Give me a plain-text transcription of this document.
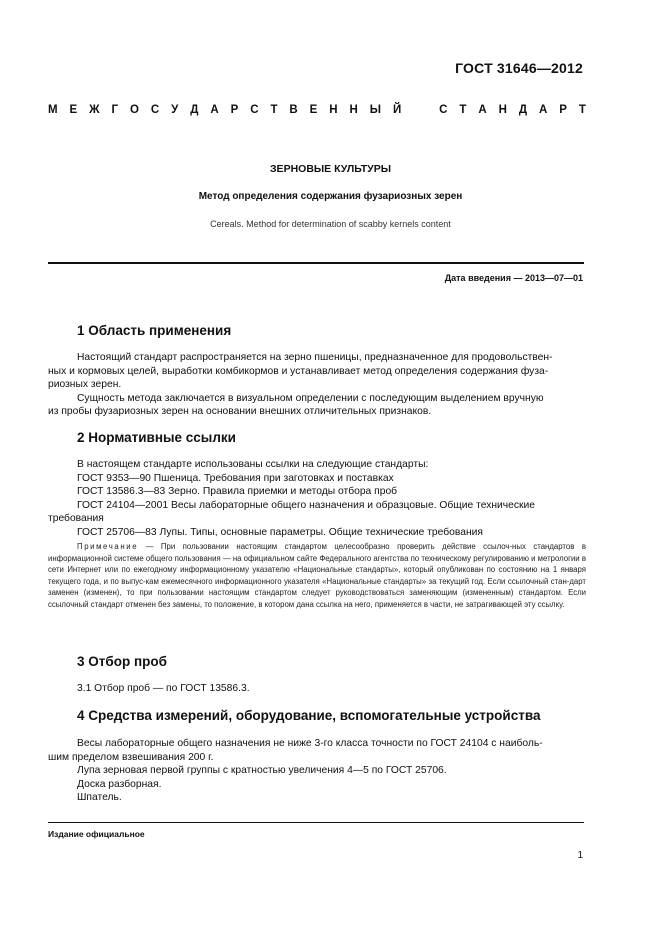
ГОСТ 31646—2012
М Е Ж Г О С У Д А Р С Т В Е Н Н Ы Й	С Т А Н Д А Р Т
ЗЕРНОВЫЕ КУЛЬТУРЫ
Метод определения содержания фузариозных зерен
Cereals. Method for determination of scabby kernels content
Дата введения — 2013—07—01
1 Область применения

Настоящий стандарт распространяется на зерно пшеницы, предназначенное для продовольствен-

ных и кормовых целей, выработки комбикормов и устанавливает метод определения содержания фуза-

риозных зерен.

Сущность метода заключается в визуальном определении с последующим выделением вручную

из пробы фузариозных зерен на основании внешних отличительных признаков.

2 Нормативные ссылки

В настоящем стандарте использованы ссылки на следующие стандарты:

ГОСТ 9353—90 Пшеница. Требования при заготовках и поставках

ГОСТ 13586.3—83 Зерно. Правила приемки и методы отбора проб

ГОСТ 24104—2001 Весы лабораторные общего назначения и образцовые. Общие технические

требования

ГОСТ 25706—83 Лупы. Типы, основные параметры. Общие технические требования

Примечание — При пользовании настоящим стандартом целесообразно проверить действие ссылоч-ных стандартов в информационной системе общего пользования — на официальном сайте Федерального агентства по техническому регулированию и метрологии в сети Интернет или по ежегодному информационному указателю «Национальные стандарты», который опубликован по состоянию на 1 января текущего года, и по выпус-кам ежемесячного информационного указателя «Национальные стандарты» за текущий год. Если ссылочный стан-дарт заменен (изменен), то при пользовании настоящим стандартом следует руководствоваться заменяющим (измененным) стандартом. Если ссылочный стандарт отменен без замены, то положение, в котором дана ссылка на него, применяется в части, не затрагивающей эту ссылку.
3 Отбор проб

3.1 Отбор проб — по ГОСТ 13586.3.

4 Средства измерений, оборудование, вспомогательные устройства

Весы лабораторные общего назначения не ниже 3-го класса точности по ГОСТ 24104 с наиболь-

шим пределом взвешивания 200 г.

Лупа зерновая первой группы с кратностью увеличения 4—5 по ГОСТ 25706.

Доска разборная.

Шпатель.

Издание официальное
1
